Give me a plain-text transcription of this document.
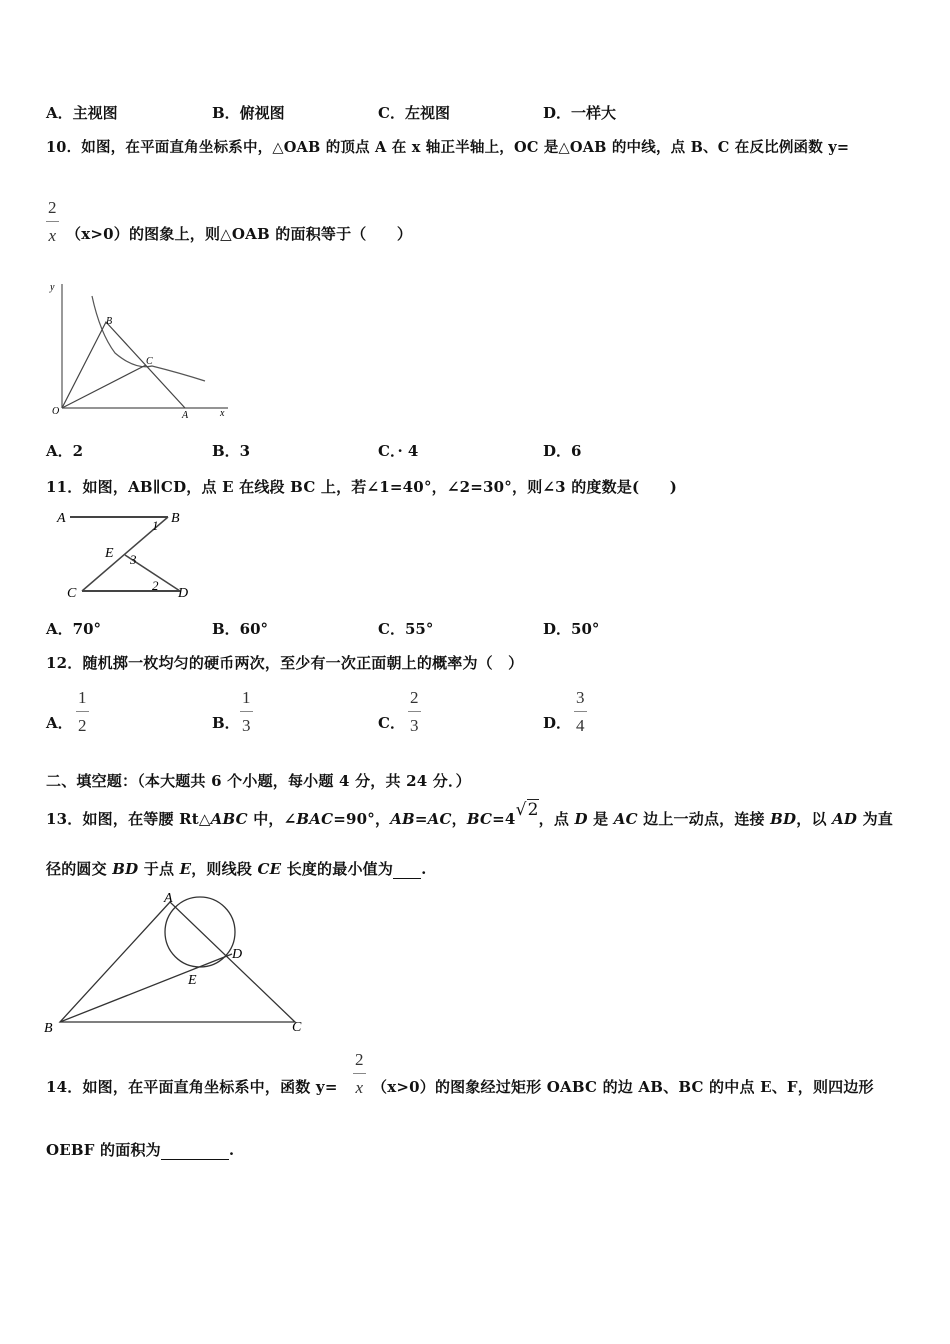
A．主视图	B．俯视图	C．左视图	D．一样大
10．如图，在平面直角坐标系中，△OAB 的顶点 A 在 x 轴正半轴上，OC 是△OAB 的中线，点 B、C 在反比例函数 y=
$\frac{2}{x} (x>0)$的图象上，则△OAB 的面积等于（　　）
y
x
O	A
B
C
A．2	B．3	C．· 4	D．6
11．如图，AB∥CD，点 E 在线段 BC 上，若∠1=40°，∠2=30°，则∠3 的度数是(　　)
A	B
C	D
E
1
2
3
A．70°	B．60°	C．55°	D．50°
12．随机掷一枚均匀的硬币两次，至少有一次正面朝上的概率为（　）
A． $\frac{1}{2}$	B． $\frac{1}{3}$	C． $\frac{2}{3}$	D． $\frac{3}{4}$
二、填空题：（本大题共 6 个小题，每小题 4 分，共 24 分．）
13．如图，在等腰 Rt△ABC 中，∠BAC=90°，AB=AC，BC=4√2，点 D 是 AC 边上一动点，连接 BD，以 AD 为直
径的圆交 BD 于点 E，则线段 CE 长度的最小值为 .
A
B	C
D
E
14．如图，在平面直角坐标系中，函数 $y= \frac{2}{x} (x>0)$的图象经过矩形 OABC 的边 AB、BC 的中点 E、F，则四边形
OEBF 的面积为	.
